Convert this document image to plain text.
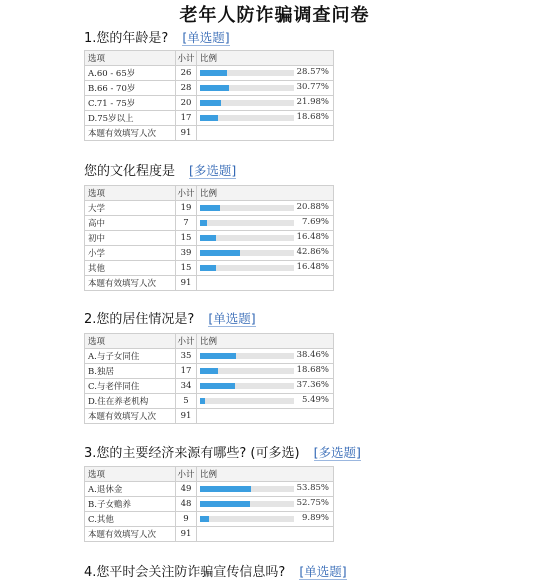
老年人防诈骗调查问卷
1.您的年龄是? [单选题]
选项	小计	比例
A.60 - 65岁	26	28.57%

B.66 - 70岁	28	30.77%

C.71 - 75岁	20	21.98%

D.75岁以上	17	18.68%

本题有效填写人次	91	
您的文化程度是 [多选题]
选项	小计	比例
大学	19	20.88%

高中	7	7.69%

初中	15	16.48%

小学	39	42.86%

其他	15	16.48%

本题有效填写人次	91	
2.您的居住情况是? [单选题]
选项	小计	比例
A.与子女同住	35	38.46%

B.独居	17	18.68%

C.与老伴同住	34	37.36%

D.住在养老机构	5	5.49%

本题有效填写人次	91	
3.您的主要经济来源有哪些? (可多选) [多选题]
选项	小计	比例
A.退休金	49	53.85%

B.子女赡养	48	52.75%

C.其他	9	9.89%

本题有效填写人次	91	
4.您平时会关注防诈骗宣传信息吗? [单选题]
